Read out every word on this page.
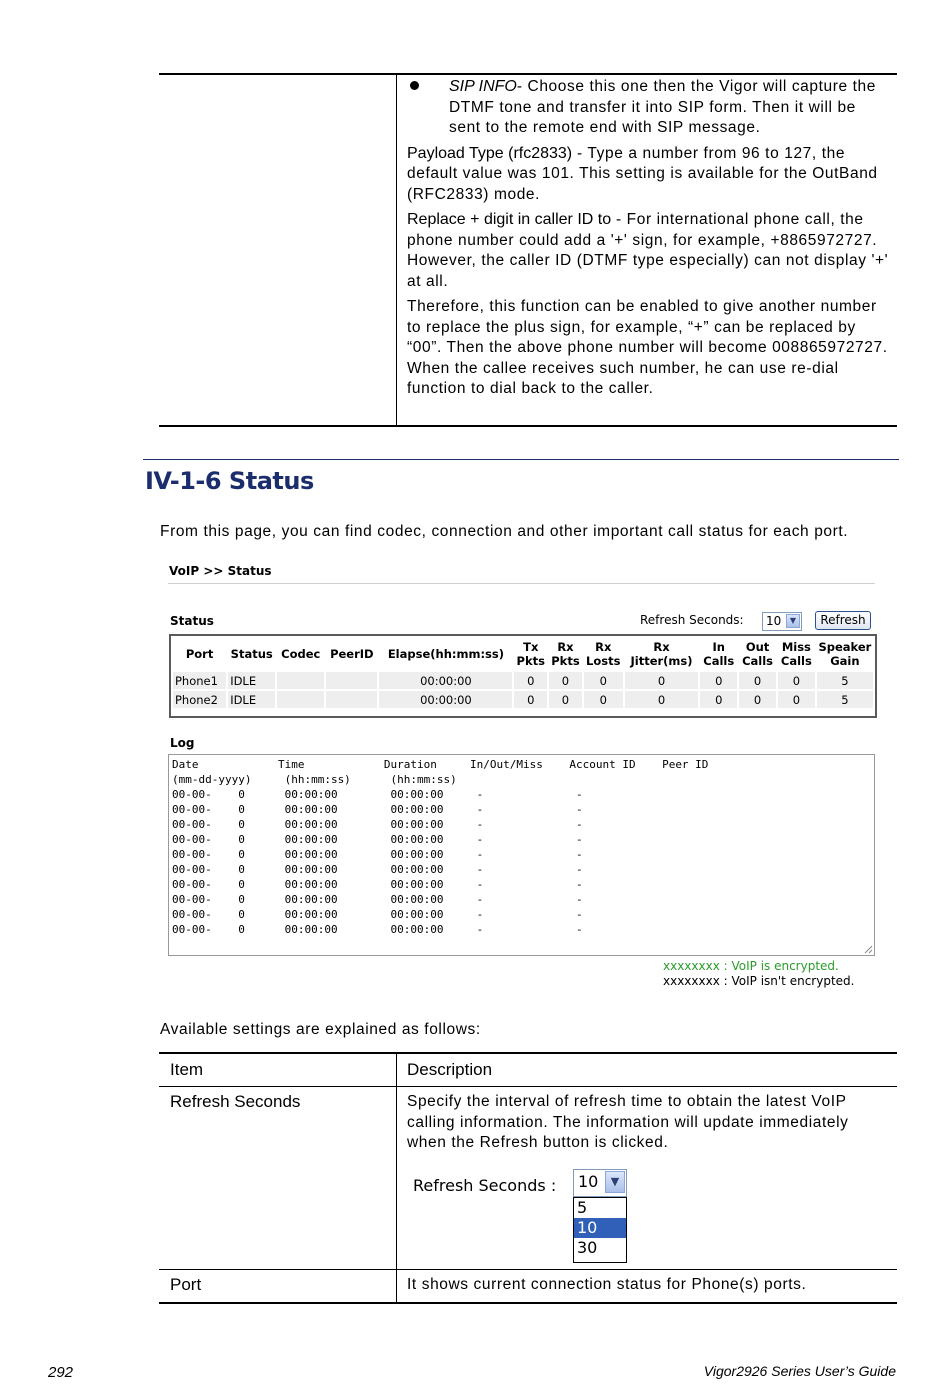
SIP INFO- Choose this one then the Vigor will capture the DTMF tone and transfer it into SIP form. Then it will be sent to the remote end with SIP message.

Payload Type (rfc2833) - Type a number from 96 to 127, the default value was 101. This setting is available for the OutBand (RFC2833) mode.

Replace + digit in caller ID to - For international phone call, the phone number could add a '+' sign, for example, +8865972727. However, the caller ID (DTMF type especially) can not display '+' at all.

Therefore, this function can be enabled to give another number to replace the plus sign, for example, “+” can be replaced by “00”. Then the above phone number will become 008865972727. When the callee receives such number, he can use re-dial function to dial back to the caller.

IV-1-6 Status
From this page, you can find codec, connection and other important call status for each port.
VoIP >> Status
Status	Refresh Seconds:	10	▼	Refresh
Port	Status	Codec	PeerID	Elapse(hh:mm:ss)	Tx Pkts	Rx Pkts	Rx Losts	Rx Jitter(ms)	In Calls	Out Calls	Miss Calls	Speaker Gain
Phone1	IDLE			00:00:00	0	0	0	0	0	0	0	5
Phone2	IDLE			00:00:00	0	0	0	0	0	0	0	5
Log
Date            Time            Duration     In/Out/Miss    Account ID    Peer ID
(mm-dd-yyyy)     (hh:mm:ss)      (hh:mm:ss)
00-00-    0      00:00:00        00:00:00     -              -
00-00-    0      00:00:00        00:00:00     -              -
00-00-    0      00:00:00        00:00:00     -              -
00-00-    0      00:00:00        00:00:00     -              -
00-00-    0      00:00:00        00:00:00     -              -
00-00-    0      00:00:00        00:00:00     -              -
00-00-    0      00:00:00        00:00:00     -              -
00-00-    0      00:00:00        00:00:00     -              -
00-00-    0      00:00:00        00:00:00     -              -
00-00-    0      00:00:00        00:00:00     -              -
xxxxxxxx : VoIP is encrypted.
xxxxxxxx : VoIP isn't encrypted.
Available settings are explained as follows:
Item	Description
Refresh Seconds	Specify the interval of refresh time to obtain the latest VoIP calling information. The information will update immediately when the Refresh button is clicked.
Refresh Seconds :	10	▼
5
10
30
Port	It shows current connection status for Phone(s) ports.
292	Vigor2926 Series User’s Guide
